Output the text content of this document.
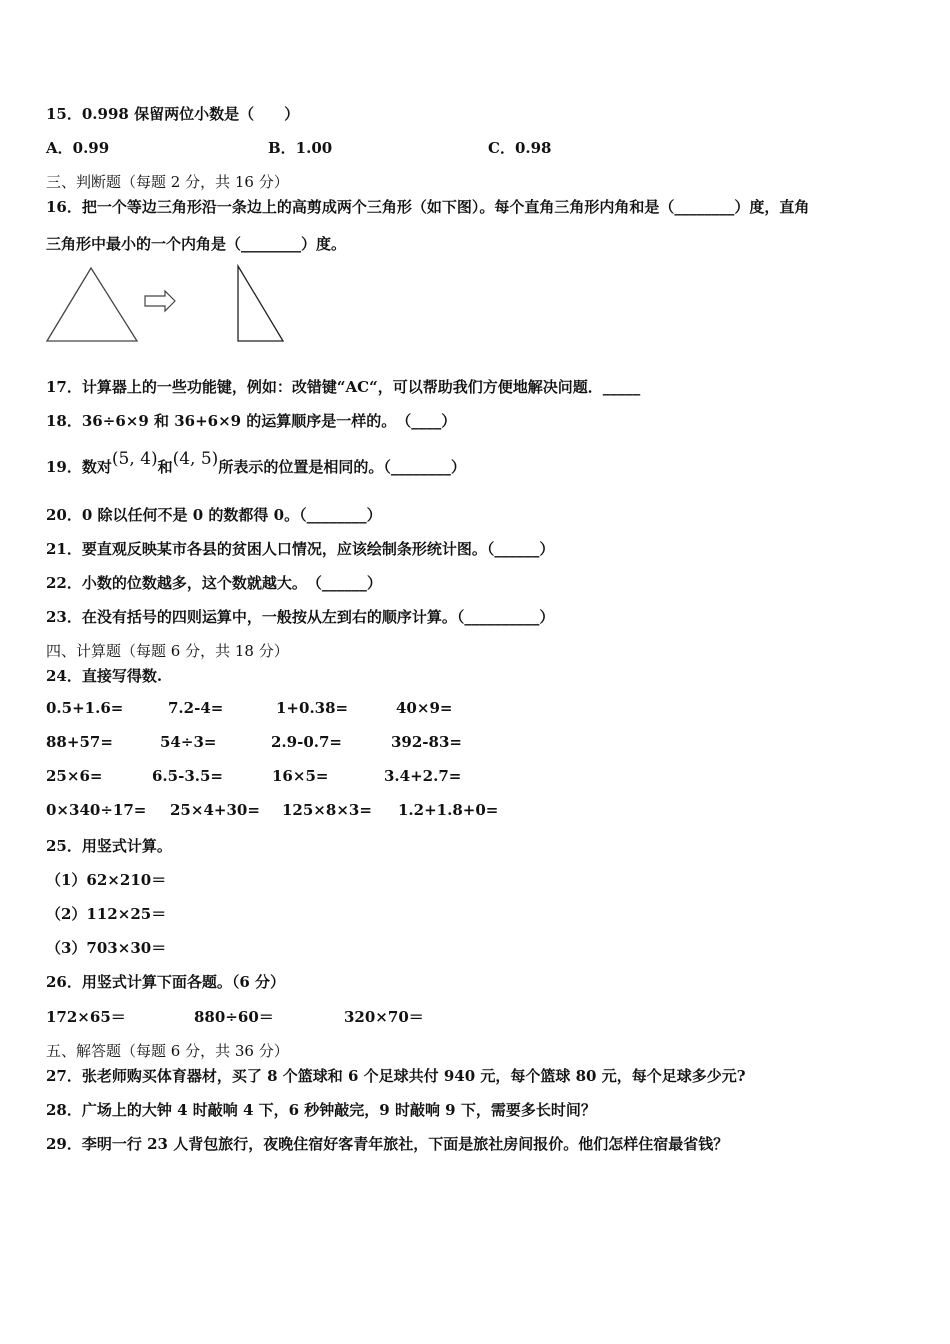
15．0.998 保留两位小数是（　　）
A．0.99	B．1.00	C．0.98
三、判断题（每题 2 分，共 16 分）
16．把一个等边三角形沿一条边上的高剪成两个三角形（如下图）。每个直角三角形内角和是（________）度，直角
三角形中最小的一个内角是（________）度。
17．计算器上的一些功能键，例如：改错键“AC“，可以帮助我们方便地解决问题．_____
18．36÷6×9 和 36+6×9 的运算顺序是一样的。　（____）
19．数对(5, 4)和(4, 5)所表示的位置是相同的。（________）
20．0 除以任何不是 0 的数都得 0。（________）
21．要直观反映某市各县的贫困人口情况，应该绘制条形统计图。（______）
22．小数的位数越多，这个数就越大。　（______）
23．在没有括号的四则运算中，一般按从左到右的顺序计算。（__________）
四、计算题（每题 6 分，共 18 分）
24．直接写得数.
0.5+1.6=	7.2-4=	1+0.38=	40×9=
88+57=	54÷3=	2.9-0.7=	392-83=
25×6=	6.5-3.5=	16×5=	3.4+2.7=
0×340÷17= 25×4+30= 125×8×3= 1.2+1.8+0=
25．用竖式计算。
（1）62×210＝
（2）112×25＝
（3）703×30＝
26．用竖式计算下面各题。（6 分）
172×65＝	880÷60＝	320×70＝
五、解答题（每题 6 分，共 36 分）
27．张老师购买体育器材，买了 8 个篮球和 6 个足球共付 940 元，每个篮球 80 元，每个足球多少元?
28．广场上的大钟 4 时敲响 4 下，6 秒钟敲完，9 时敲响 9 下，需要多长时间？
29．李明一行 23 人背包旅行，夜晚住宿好客青年旅社，下面是旅社房间报价。他们怎样住宿最省钱？
